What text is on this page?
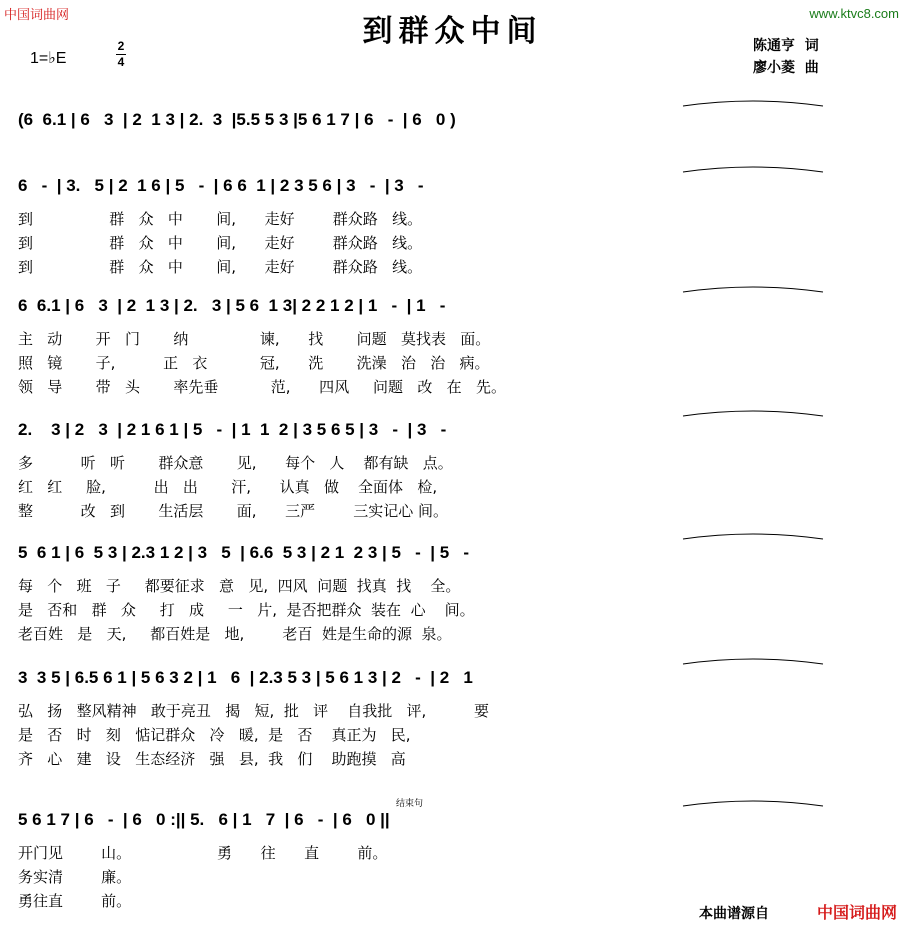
中国词曲网	www.ktvc8.com
到群众中间	陈通亨  词
廖小菱  曲
1=♭E
2
4
(6  6.1 | 6   3  | 2  1 3 | 2.  3  |5.5 5 3 |5 6 1 7 | 6   -  | 6   0 )
6   -  | 3.   5 | 2  1 6 | 5   -  | 6 6  1 | 2 3 5 6 | 3   -  | 3   -
到                群   众   中       间,      走好        群众路   线。
到                群   众   中       间,      走好        群众路   线。
到                群   众   中       间,      走好        群众路   线。
6  6.1 | 6   3  | 2  1 3 | 2.   3 | 5 6  1 3| 2 2 1 2 | 1   -  | 1   -
主   动       开   门       纳               谏,      找       问题   莫找表   面。
照   镜       子,          正   衣           冠,      洗       洗澡   治   治   病。
领   导       带   头       率先垂           范,      四风     问题   改   在   先。
2.    3 | 2   3  | 2 1 6 1 | 5   -  | 1  1  2 | 3 5 6 5 | 3   -  | 3   -
多          听   听       群众意       见,      每个   人    都有缺   点。
红   红     脸,          出   出       汗,      认真   做    全面体   检,
整          改   到       生活层       面,      三严        三实记心 间。
5  6 1 | 6  5 3 | 2.3 1 2 | 3   5  | 6.6  5 3 | 2 1  2 3 | 5   -  | 5   -
每   个   班   子     都要征求   意   见,  四风  问题  找真  找    全。
是   否和   群   众     打   成     一   片,  是否把群众  装在  心    间。
老百姓   是   天,     都百姓是   地,        老百  姓是生命的源  泉。
3  3 5 | 6.5 6 1 | 5 6 3 2 | 1   6  | 2.3 5 3 | 5 6 1 3 | 2   -  | 2   1
弘   扬   整风精神   敢于亮丑   揭   短,  批   评    自我批   评,          要
是   否   时   刻   惦记群众   冷   暖,  是   否    真正为   民,
齐   心   建   设   生态经济   强   县,  我   们    助跑摸   高
5 6 1 7 | 6   -  | 6   0 :|| 5.   6 | 1   7  | 6   -  | 6   0 ||
开门见        山。                  勇      往      直        前。
务实清        廉。
勇往直        前。
结束句
本曲谱源自	中国词曲网
